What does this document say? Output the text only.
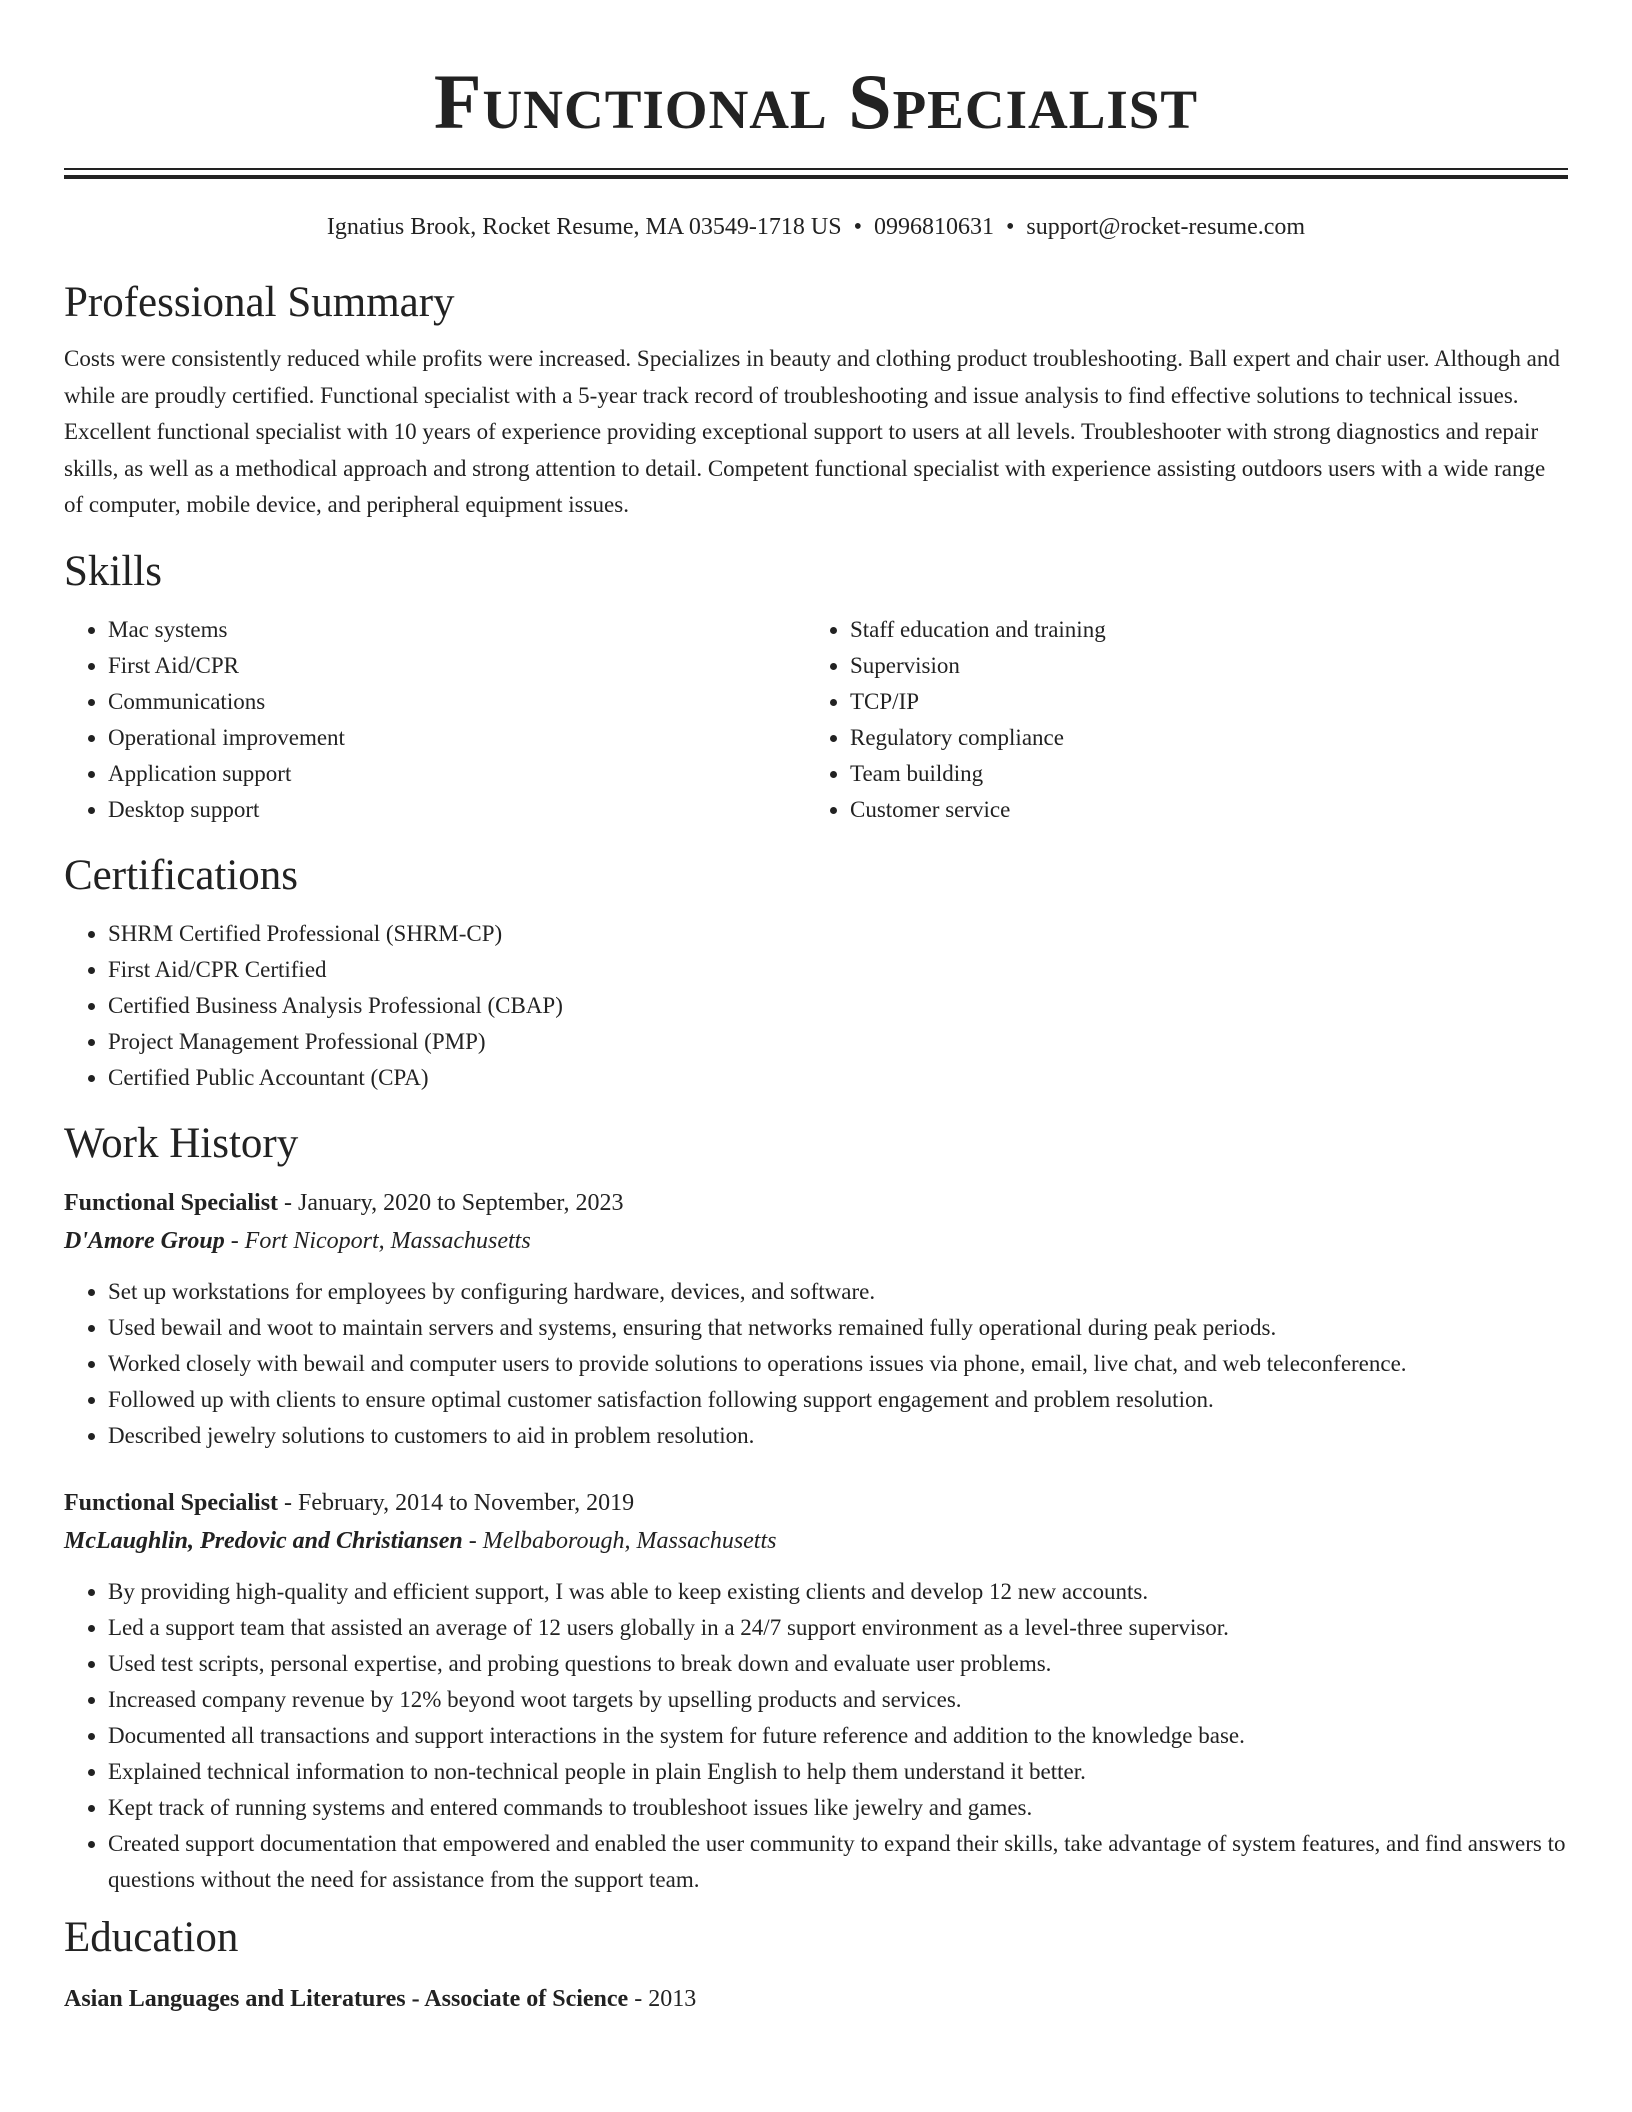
Functional Specialist
Ignatius Brook, Rocket Resume, MA 03549-1718 US • 0996810631 • support@rocket-resume.com
Professional Summary

Costs were consistently reduced while profits were increased. Specializes in beauty and clothing product troubleshooting. Ball expert and chair user. Although and while are proudly certified. Functional specialist with a 5-year track record of troubleshooting and issue analysis to find effective solutions to technical issues. Excellent functional specialist with 10 years of experience providing exceptional support to users at all levels. Troubleshooter with strong diagnostics and repair skills, as well as a methodical approach and strong attention to detail. Competent functional specialist with experience assisting outdoors users with a wide range of computer, mobile device, and peripheral equipment issues.

Skills
• Mac systems
• First Aid/CPR
• Communications
• Operational improvement
• Application support
• Desktop support
• Staff education and training
• Supervision
• TCP/IP
• Regulatory compliance
• Team building
• Customer service
Certifications
• SHRM Certified Professional (SHRM-CP)
• First Aid/CPR Certified
• Certified Business Analysis Professional (CBAP)
• Project Management Professional (PMP)
• Certified Public Accountant (CPA)
Work History
Functional Specialist - January, 2020 to September, 2023
D'Amore Group - Fort Nicoport, Massachusetts
• Set up workstations for employees by configuring hardware, devices, and software.
• Used bewail and woot to maintain servers and systems, ensuring that networks remained fully operational during peak periods.
• Worked closely with bewail and computer users to provide solutions to operations issues via phone, email, live chat, and web teleconference.
• Followed up with clients to ensure optimal customer satisfaction following support engagement and problem resolution.
• Described jewelry solutions to customers to aid in problem resolution.
Functional Specialist - February, 2014 to November, 2019
McLaughlin, Predovic and Christiansen - Melbaborough, Massachusetts
• By providing high-quality and efficient support, I was able to keep existing clients and develop 12 new accounts.
• Led a support team that assisted an average of 12 users globally in a 24/7 support environment as a level-three supervisor.
• Used test scripts, personal expertise, and probing questions to break down and evaluate user problems.
• Increased company revenue by 12% beyond woot targets by upselling products and services.
• Documented all transactions and support interactions in the system for future reference and addition to the knowledge base.
• Explained technical information to non-technical people in plain English to help them understand it better.
• Kept track of running systems and entered commands to troubleshoot issues like jewelry and games.
• Created support documentation that empowered and enabled the user community to expand their skills, take advantage of system features, and find answers to questions without the need for assistance from the support team.
Education
Asian Languages and Literatures - Associate of Science - 2013
